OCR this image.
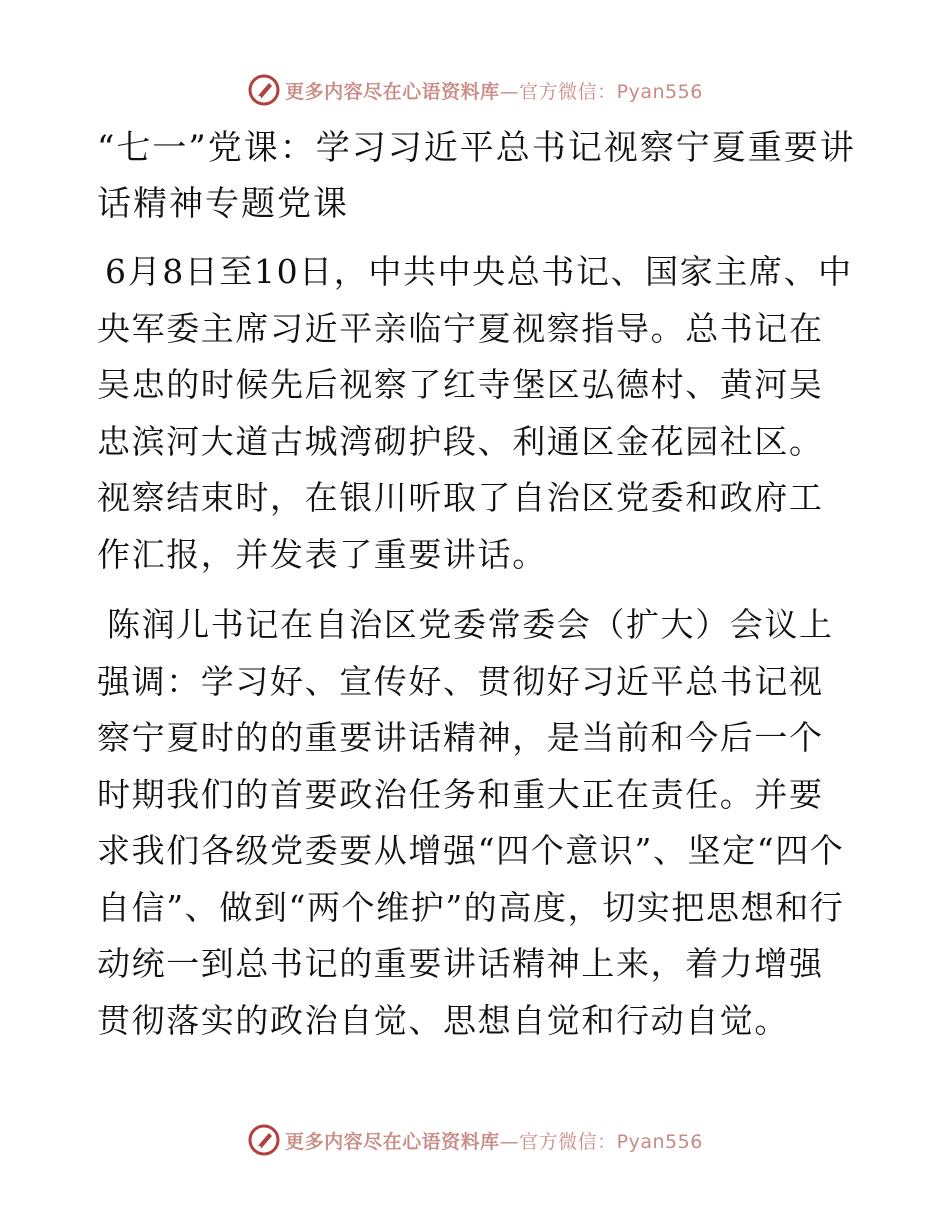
更多内容尽在心语资料库—官方微信：Pyan556
“七一”党课：学习习近平总书记视察宁夏重要讲话精神专题党课

6月8日至10日，中共中央总书记、国家主席、中央军委主席习近平亲临宁夏视察指导。总书记在吴忠的时候先后视察了红寺堡区弘德村、黄河吴忠滨河大道古城湾砌护段、利通区金花园社区。视察结束时，在银川听取了自治区党委和政府工作汇报，并发表了重要讲话。

陈润儿书记在自治区党委常委会（扩大）会议上强调：学习好、宣传好、贯彻好习近平总书记视察宁夏时的的重要讲话精神，是当前和今后一个时期我们的首要政治任务和重大正在责任。并要求我们各级党委要从增强“四个意识”、坚定“四个自信”、做到“两个维护”的高度，切实把思想和行动统一到总书记的重要讲话精神上来，着力增强贯彻落实的政治自觉、思想自觉和行动自觉。

更多内容尽在心语资料库—官方微信：Pyan556
